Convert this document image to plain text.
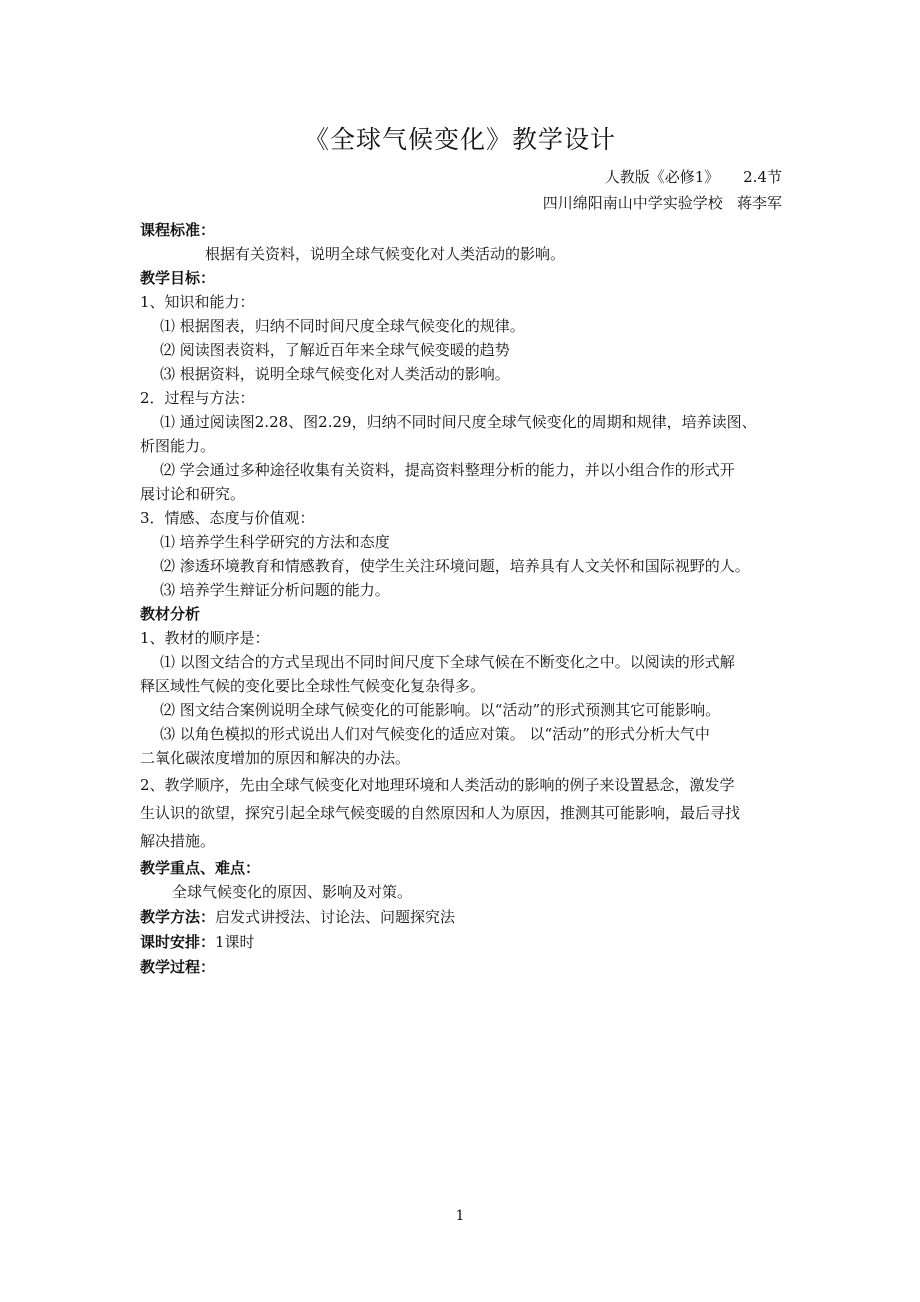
《全球气候变化》教学设计
人教版《必修1》     2.4节
四川绵阳南山中学实验学校   蒋李军
课程标准：
根据有关资料，说明全球气候变化对人类活动的影响。
教学目标：
1、知识和能力：
⑴ 根据图表，归纳不同时间尺度全球气候变化的规律。
⑵ 阅读图表资料，了解近百年来全球气候变暖的趋势
⑶ 根据资料，说明全球气候变化对人类活动的影响。
2．过程与方法：
⑴ 通过阅读图2.28、图2.29，归纳不同时间尺度全球气候变化的周期和规律，培养读图、
析图能力。
⑵ 学会通过多种途径收集有关资料，提高资料整理分析的能力，并以小组合作的形式开
展讨论和研究。
3．情感、态度与价值观：
⑴ 培养学生科学研究的方法和态度
⑵ 渗透环境教育和情感教育，使学生关注环境问题，培养具有人文关怀和国际视野的人。
⑶ 培养学生辩证分析问题的能力。
教材分析
1、教材的顺序是：
⑴ 以图文结合的方式呈现出不同时间尺度下全球气候在不断变化之中。以阅读的形式解
释区域性气候的变化要比全球性气候变化复杂得多。
⑵ 图文结合案例说明全球气候变化的可能影响。以“活动”的形式预测其它可能影响。
⑶ 以角色模拟的形式说出人们对气候变化的适应对策。 以“活动”的形式分析大气中
二氧化碳浓度增加的原因和解决的办法。
2、教学顺序，先由全球气候变化对地理环境和人类活动的影响的例子来设置悬念，激发学
生认识的欲望，探究引起全球气候变暖的自然原因和人为原因，推测其可能影响，最后寻找
解决措施。
教学重点、难点：
全球气候变化的原因、影响及对策。
教学方法：启发式讲授法、讨论法、问题探究法
课时安排：1课时
教学过程：
1
